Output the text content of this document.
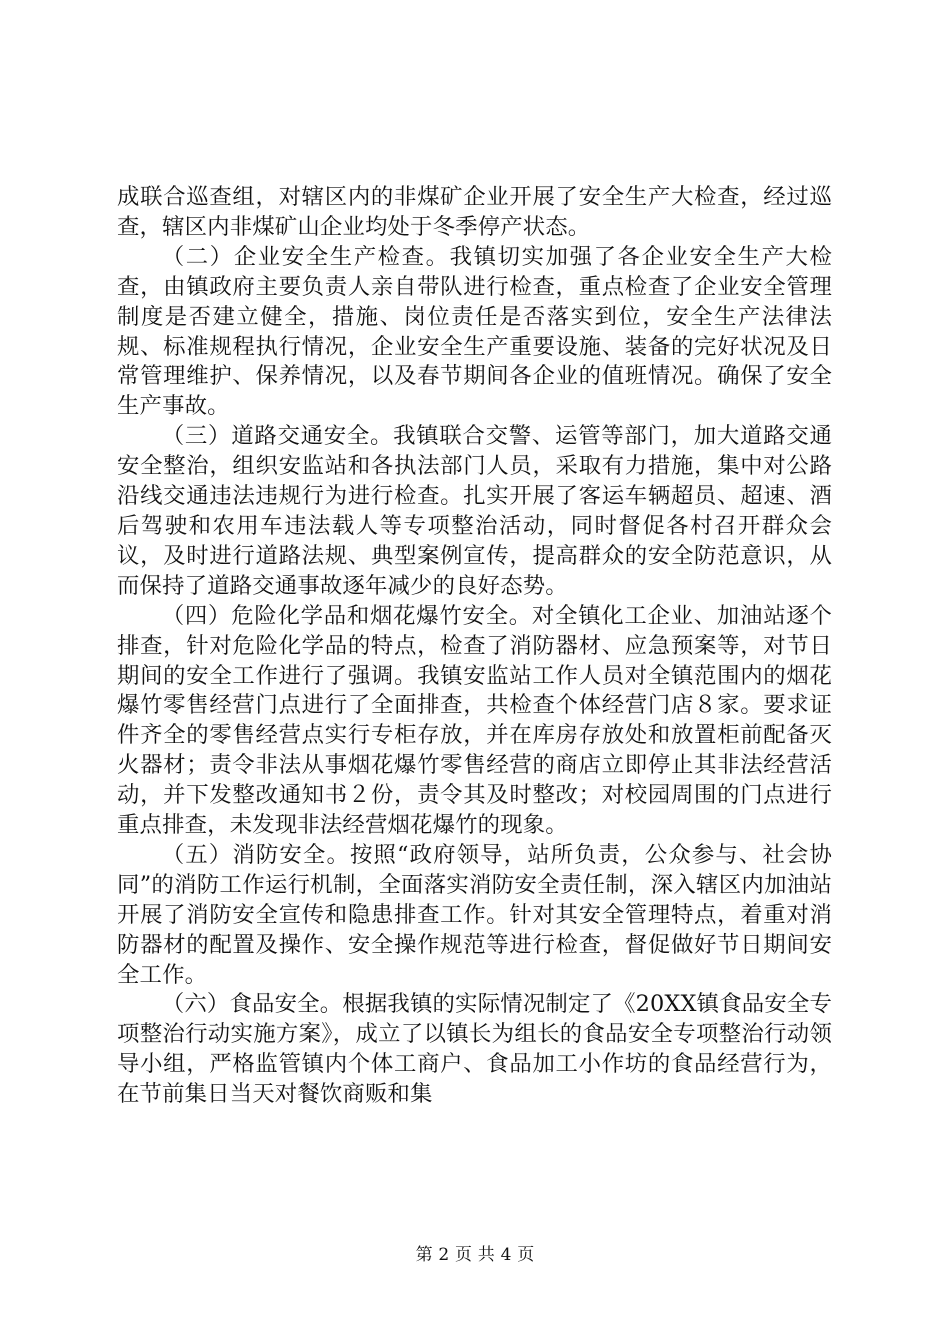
成联合巡查组，对辖区内的非煤矿企业开展了安全生产大检查，经过巡查，辖区内非煤矿山企业均处于冬季停产状态。

（二）企业安全生产检查。我镇切实加强了各企业安全生产大检查，由镇政府主要负责人亲自带队进行检查，重点检查了企业安全管理制度是否建立健全，措施、岗位责任是否落实到位，安全生产法律法规、标准规程执行情况，企业安全生产重要设施、装备的完好状况及日常管理维护、保养情况，以及春节期间各企业的值班情况。确保了安全生产事故。

（三）道路交通安全。我镇联合交警、运管等部门，加大道路交通安全整治，组织安监站和各执法部门人员，采取有力措施，集中对公路沿线交通违法违规行为进行检查。扎实开展了客运车辆超员、超速、酒后驾驶和农用车违法载人等专项整治活动，同时督促各村召开群众会议，及时进行道路法规、典型案例宣传，提高群众的安全防范意识，从而保持了道路交通事故逐年减少的良好态势。

（四）危险化学品和烟花爆竹安全。对全镇化工企业、加油站逐个排查，针对危险化学品的特点，检查了消防器材、应急预案等，对节日期间的安全工作进行了强调。我镇安监站工作人员对全镇范围内的烟花爆竹零售经营门点进行了全面排查，共检查个体经营门店８家。要求证件齐全的零售经营点实行专柜存放，并在库房存放处和放置柜前配备灭火器材；责令非法从事烟花爆竹零售经营的商店立即停止其非法经营活动，并下发整改通知书２份，责令其及时整改；对校园周围的门点进行重点排查，未发现非法经营烟花爆竹的现象。

（五）消防安全。按照“政府领导，站所负责，公众参与、社会协同”的消防工作运行机制，全面落实消防安全责任制，深入辖区内加油站开展了消防安全宣传和隐患排查工作。针对其安全管理特点，着重对消防器材的配置及操作、安全操作规范等进行检查，督促做好节日期间安全工作。

（六）食品安全。根据我镇的实际情况制定了《20XX镇食品安全专项整治行动实施方案》，成立了以镇长为组长的食品安全专项整治行动领导小组，严格监管镇内个体工商户、食品加工小作坊的食品经营行为，在节前集日当天对餐饮商贩和集

第 2 页 共 4 页
